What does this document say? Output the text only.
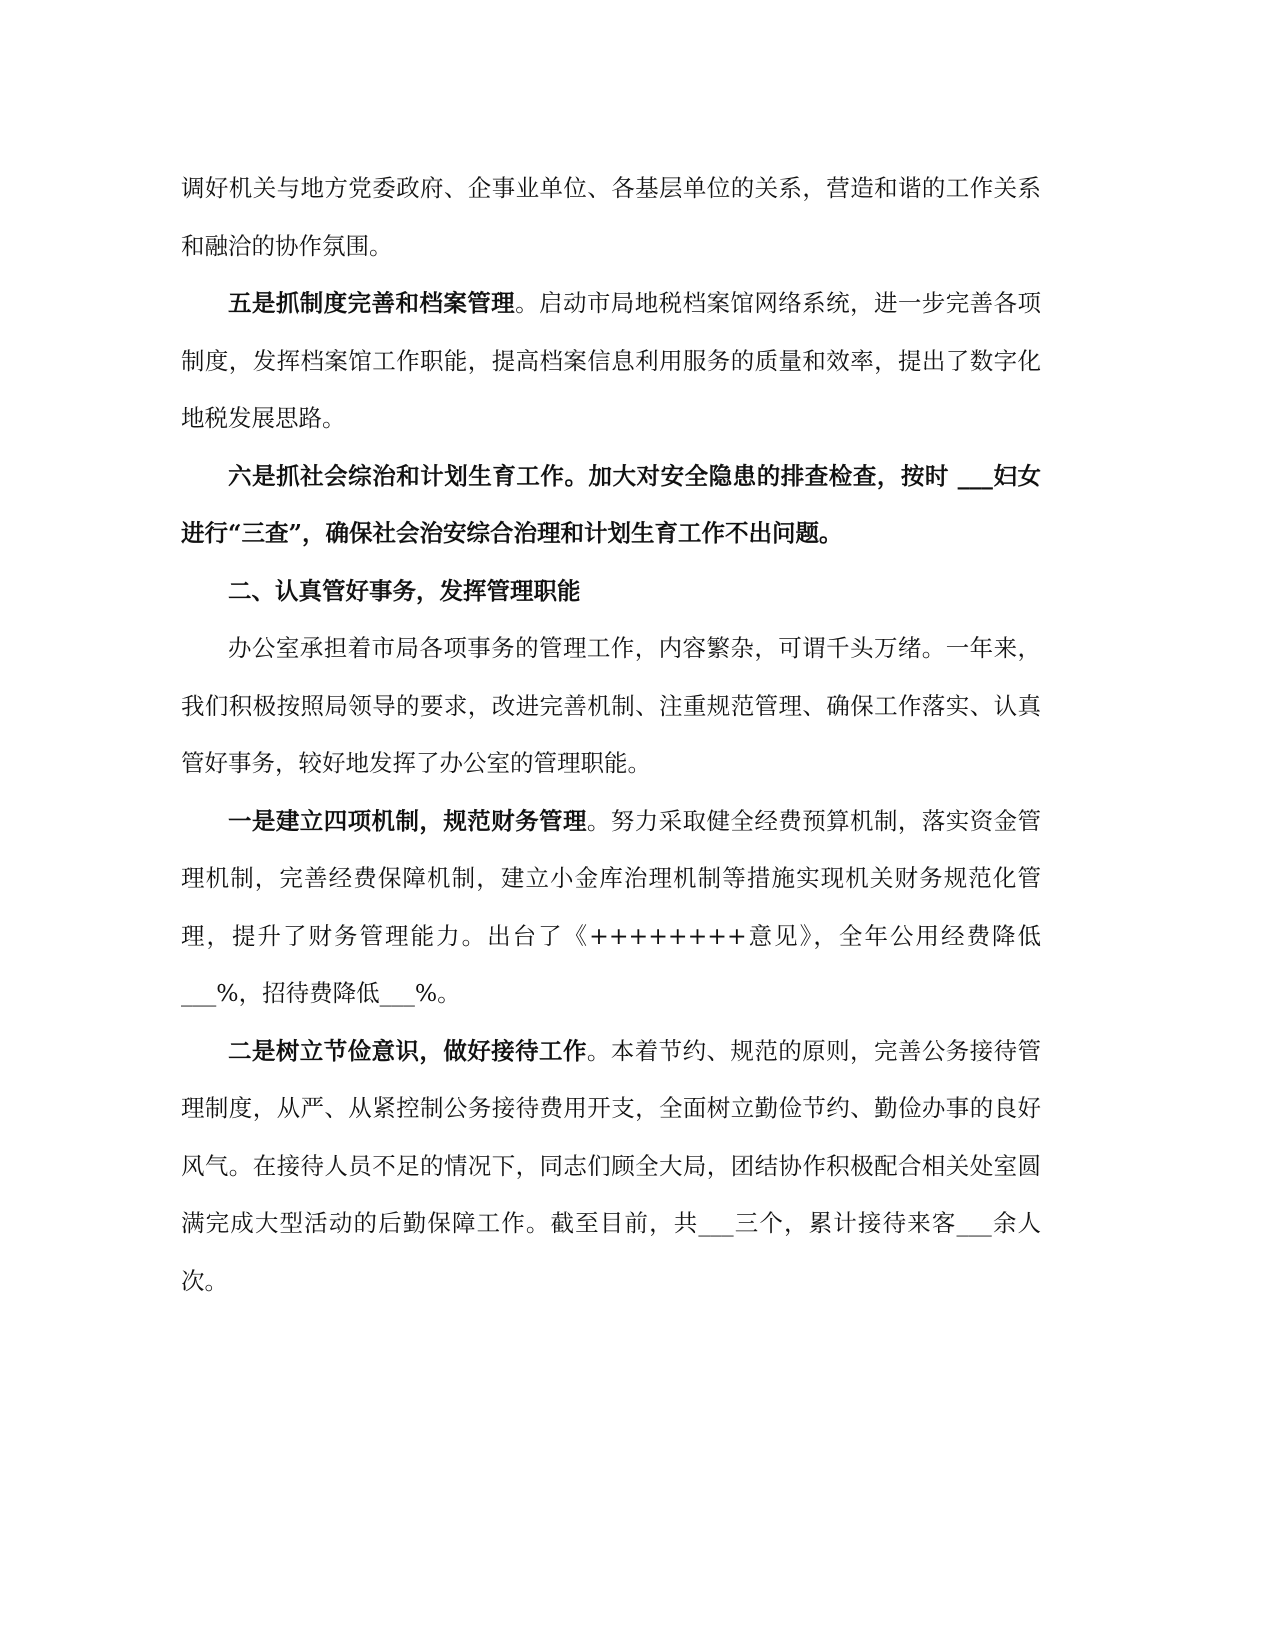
调好机关与地方党委政府、企事业单位、各基层单位的关系，营造和谐的工作关系和融洽的协作氛围。

五是抓制度完善和档案管理。启动市局地税档案馆网络系统，进一步完善各项制度，发挥档案馆工作职能，提高档案信息利用服务的质量和效率，提出了数字化地税发展思路。

六是抓社会综治和计划生育工作。加大对安全隐患的排查检查，按时 ___妇女进行“三查”，确保社会治安综合治理和计划生育工作不出问题。

二、认真管好事务，发挥管理职能

办公室承担着市局各项事务的管理工作，内容繁杂，可谓千头万绪。一年来，我们积极按照局领导的要求，改进完善机制、注重规范管理、确保工作落实、认真管好事务，较好地发挥了办公室的管理职能。

一是建立四项机制，规范财务管理。努力采取健全经费预算机制，落实资金管理机制，完善经费保障机制，建立小金库治理机制等措施实现机关财务规范化管理，提升了财务管理能力。出台了《++++++++意见》，全年公用经费降低___%，招待费降低___%。

二是树立节俭意识，做好接待工作。本着节约、规范的原则，完善公务接待管理制度，从严、从紧控制公务接待费用开支，全面树立勤俭节约、勤俭办事的良好风气。在接待人员不足的情况下，同志们顾全大局，团结协作积极配合相关处室圆满完成大型活动的后勤保障工作。截至目前，共___三个，累计接待来客___余人次。
